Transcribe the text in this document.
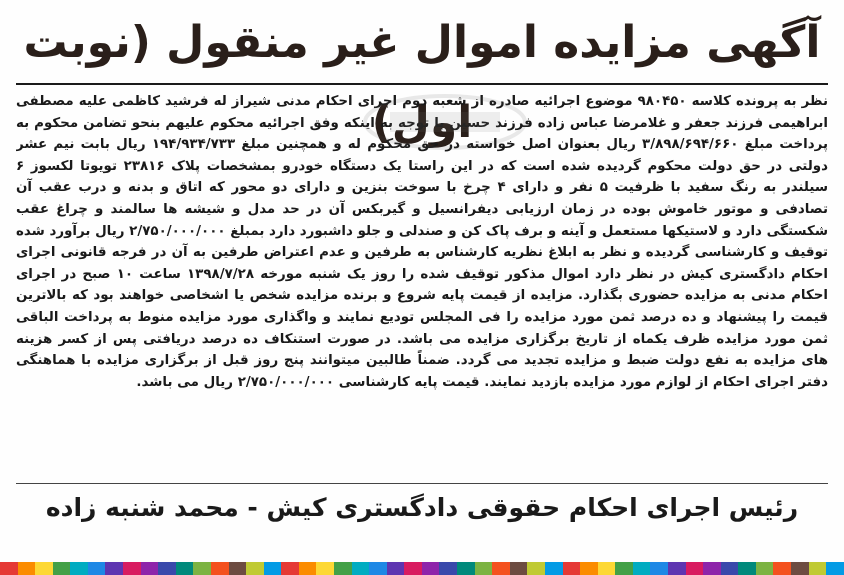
آگهی مزایده اموال غیر منقول (نوبت اول)

نظر به پرونده کلاسه ۹۸۰۴۵۰ موضوع اجرائیه صادره از شعبه دوم اجرای احکام مدنی شیراز له فرشید کاظمی علیه مصطفی ابراهیمی فرزند جعفر و غلامرضا عباس زاده فرزند حسین با توجه به اینکه وفق اجرائیه محکوم علیهم بنحو تضامن محکوم به پرداخت مبلغ ۳/۸۹۸/۶۹۴/۶۶۰ ریال بعنوان اصل خواسته در حق محکوم له و همچنین مبلغ ۱۹۴/۹۳۴/۷۳۳ ریال بابت نیم عشر دولتی در حق دولت محکوم گردیده شده است که در این راستا یک دستگاه خودرو بمشخصات پلاک ۲۳۸۱۶ تویوتا لکسوز ۶ سیلندر به رنگ سفید با ظرفیت ۵ نفر و دارای ۴ چرخ با سوخت بنزین و دارای دو محور که اتاق و بدنه و درب عقب آن تصادفی و موتور خاموش بوده در زمان ارزیابی دیفرانسیل و گیربکس آن در حد مدل و شیشه ها سالمند و چراغ عقب شکستگی دارد و لاستیکها مستعمل و آینه و برف پاک کن و صندلی و جلو داشبورد دارد بمبلغ ۲/۷۵۰/۰۰۰/۰۰۰ ریال برآورد شده توقیف و کارشناسی گردیده و نظر به ابلاغ نظریه کارشناس به طرفین و عدم اعتراض طرفین به آن در فرجه قانونی اجرای احکام دادگستری کیش در نظر دارد اموال مذکور توقیف شده را روز یک شنبه مورخه ۱۳۹۸/۷/۲۸ ساعت ۱۰ صبح در اجرای احکام مدنی به مزایده حضوری بگذارد. مزایده از قیمت پایه شروع و برنده مزایده شخص یا اشخاصی خواهند بود که بالاترین قیمت را پیشنهاد و ده درصد ثمن مورد مزایده را فی المجلس تودیع نمایند و واگذاری مورد مزایده منوط به پرداخت الباقی ثمن مورد مزایده ظرف یکماه از تاریخ برگزاری مزایده می باشد. در صورت استنکاف ده درصد دریافتی پس از کسر هزینه های مزایده به نفع دولت ضبط و مزایده تجدید می گردد. ضمناً طالبین میتوانند پنج روز قبل از برگزاری مزایده با هماهنگی دفتر اجرای احکام از لوازم مورد مزایده بازدید نمایند. قیمت پایه کارشناسی ۲/۷۵۰/۰۰۰/۰۰۰ ریال می باشد.

رئیس اجرای احکام حقوقی دادگستری کیش - محمد شنبه زاده
